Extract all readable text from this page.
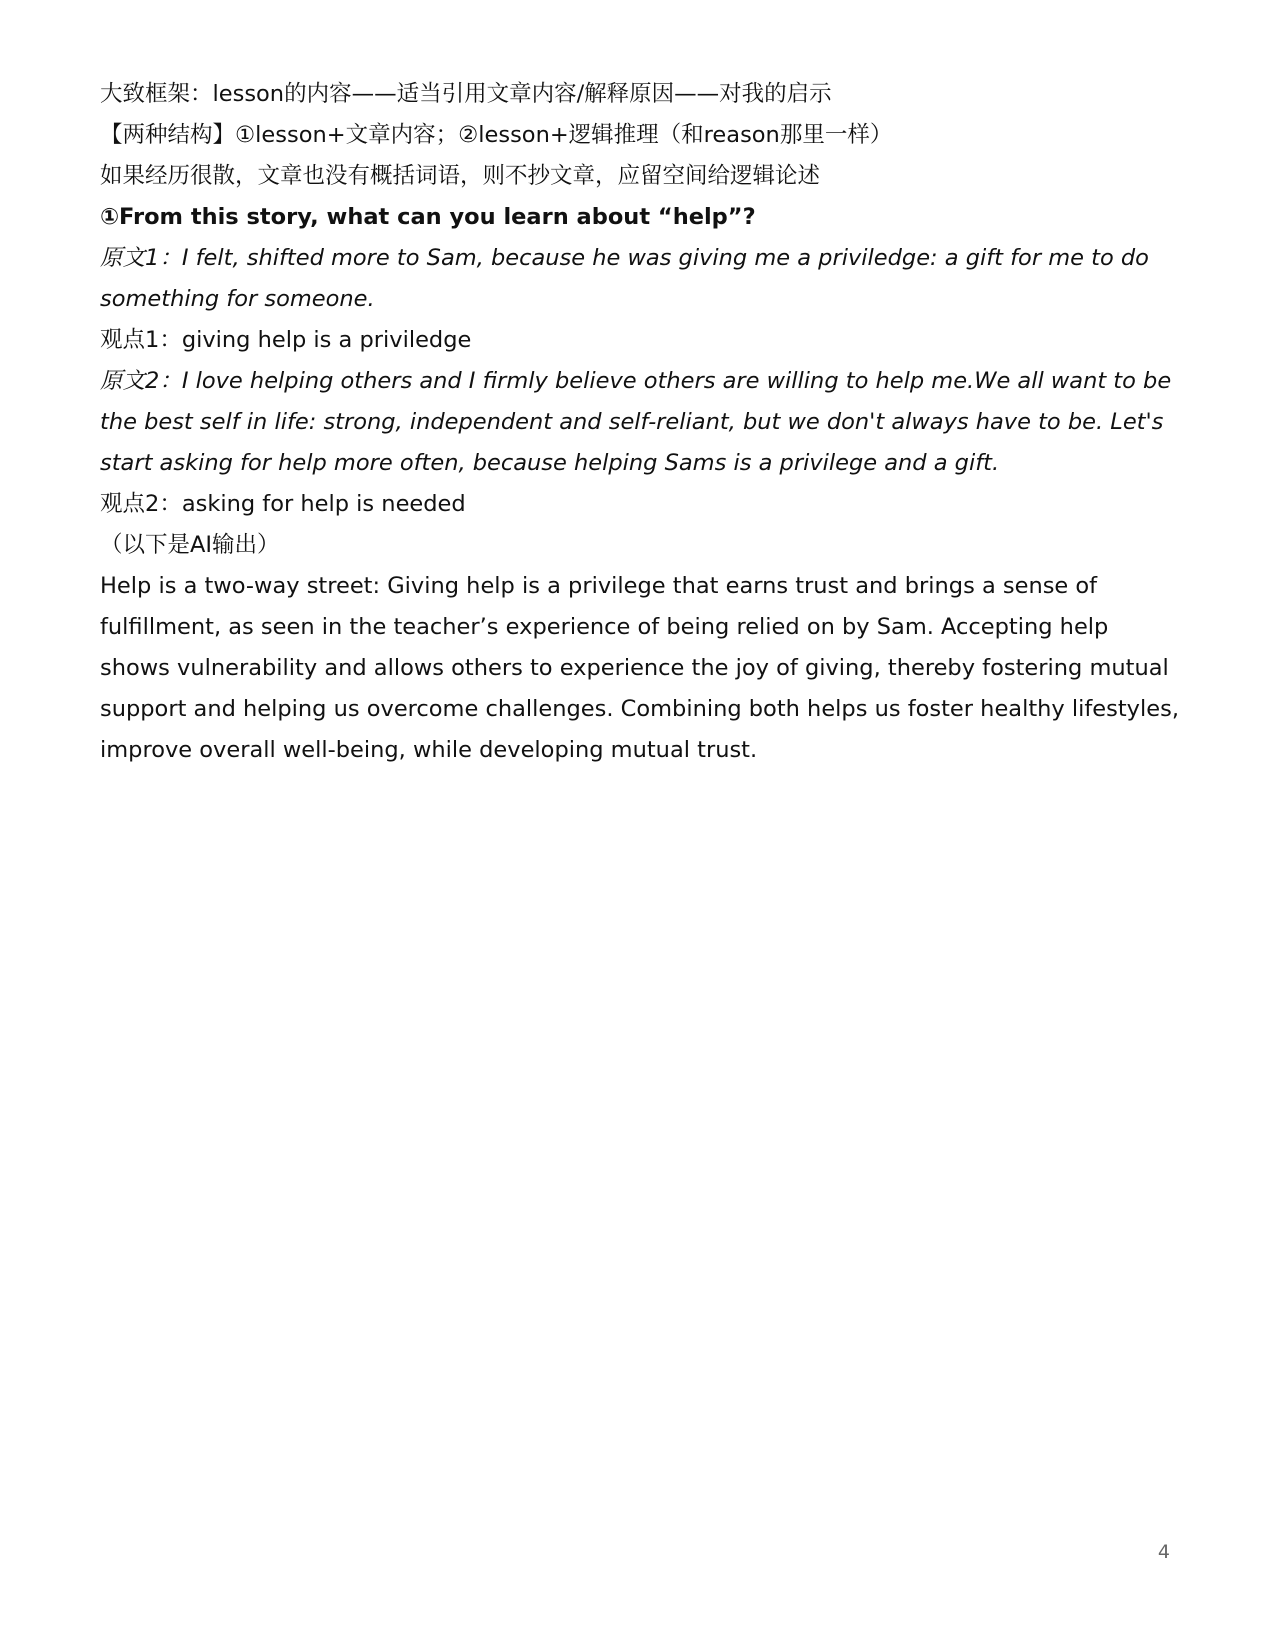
大致框架：lesson的内容——适当引用文章内容/解释原因——对我的启示

【两种结构】①lesson+文章内容；②lesson+逻辑推理（和reason那里一样）

如果经历很散，文章也没有概括词语，则不抄文章，应留空间给逻辑论述

①From this story, what can you learn about “help”?

原文1：I felt, shifted more to Sam, because he was giving me a priviledge: a gift for me to do something for someone.

观点1：giving help is a priviledge

原文2：I love helping others and I firmly believe others are willing to help me.We all want to be the best self in life: strong, independent and self-reliant, but we don't always have to be. Let's start asking for help more often, because helping Sams is a privilege and a gift.

观点2：asking for help is needed

（以下是AI输出）

Help is a two-way street: Giving help is a privilege that earns trust and brings a sense of fulfillment, as seen in the teacher’s experience of being relied on by Sam. Accepting help shows vulnerability and allows others to experience the joy of giving, thereby fostering mutual support and helping us overcome challenges. Combining both helps us foster healthy lifestyles, improve overall well-being, while developing mutual trust.

4
